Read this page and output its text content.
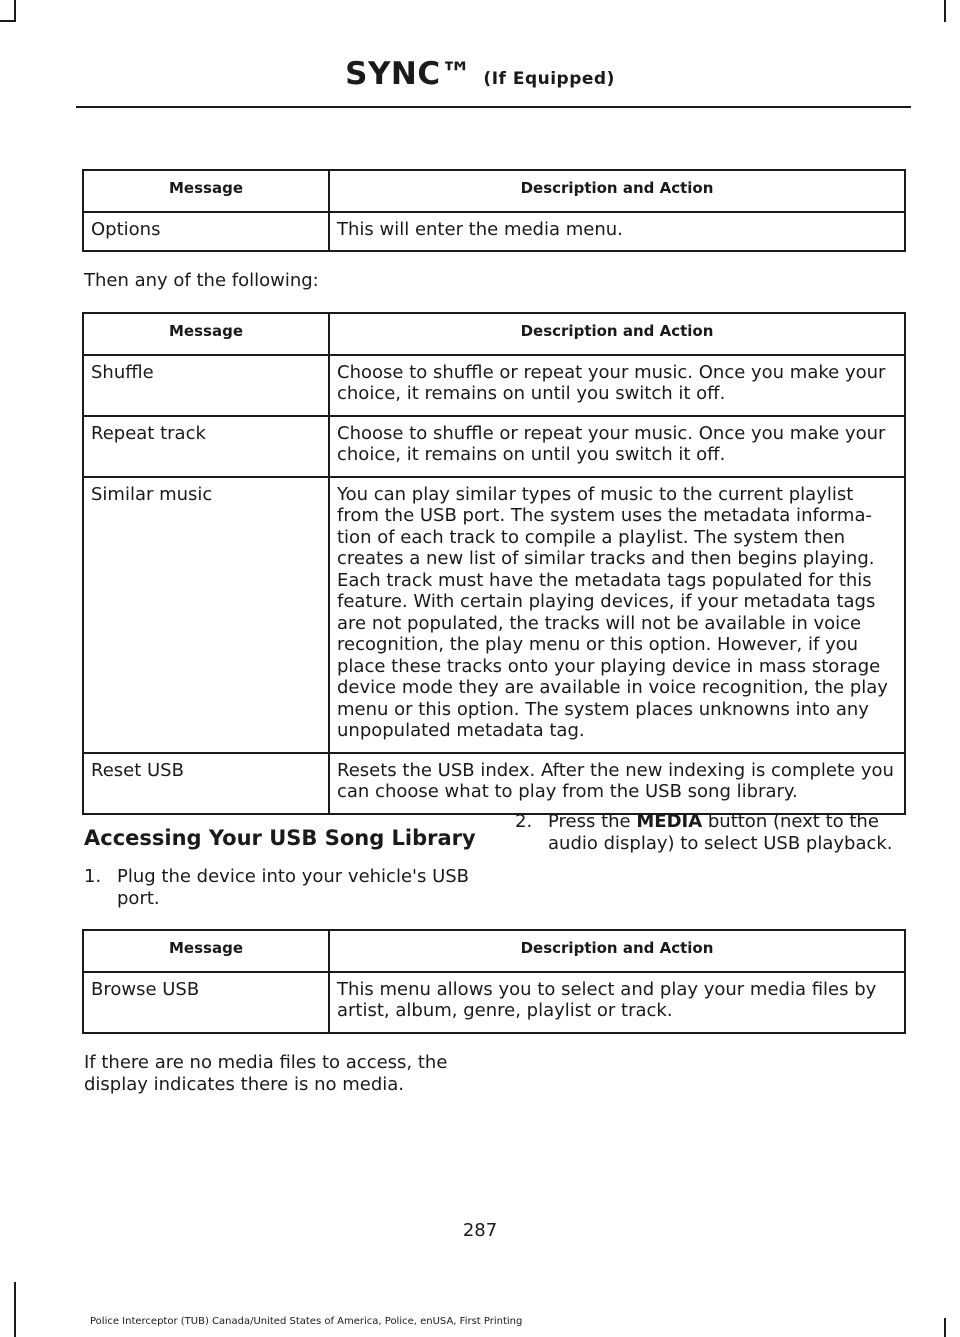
SYNC™ (If Equipped)
Message	Description and Action
Options	This will enter the media menu.
Then any of the following:
Message	Description and Action
Shuffle	Choose to shuffle or repeat your music. Once you make your choice, it remains on until you switch it off.
Repeat track	Choose to shuffle or repeat your music. Once you make your choice, it remains on until you switch it off.
Similar music	You can play similar types of music to the current playlist from the USB port. The system uses the metadata informa-tion of each track to compile a playlist. The system then creates a new list of similar tracks and then begins playing. Each track must have the metadata tags populated for this feature. With certain playing devices, if your metadata tags are not populated, the tracks will not be available in voice recognition, the play menu or this option. However, if you place these tracks onto your playing device in mass storage device mode they are available in voice recognition, the play menu or this option. The system places unknowns into any unpopulated metadata tag.
Reset USB	Resets the USB index. After the new indexing is complete you can choose what to play from the USB song library.
Accessing Your USB Song Library
1. Plug the device into your vehicle's USB port.
2. Press the MEDIA button (next to the audio display) to select USB playback.
Message	Description and Action
Browse USB	This menu allows you to select and play your media files by artist, album, genre, playlist or track.
If there are no media files to access, the display indicates there is no media.
287
Police Interceptor (TUB) Canada/United States of America, Police, enUSA, First Printing
